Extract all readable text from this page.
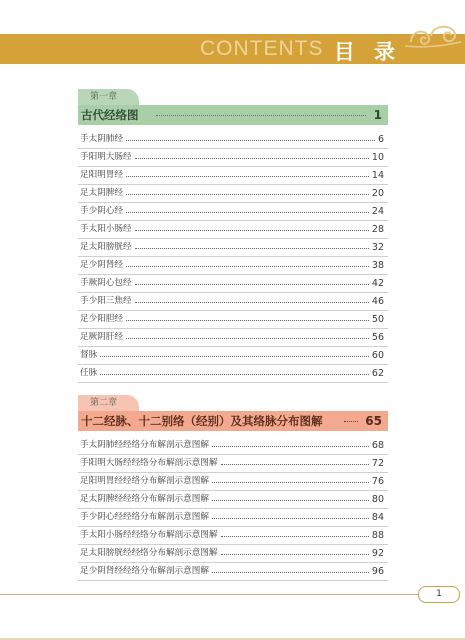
CONTENTS 目 录
第一章
古代经络图	1
手太阴肺经	6
手阳明大肠经	10
足阳明胃经	14
足太阴脾经	20
手少阴心经	24
手太阳小肠经	28
足太阳膀胱经	32
足少阴肾经	38
手厥阴心包经	42
手少阳三焦经	46
足少阳胆经	50
足厥阴肝经	56
督脉	60
任脉	62
第二章
十二经脉、十二别络（经别）及其络脉分布图解	65
手太阴肺经经络分布解剖示意图解	68
手阳明大肠经经络分布解剖示意图解	72
足阳明胃经经络分布解剖示意图解	76
足太阴脾经经络分布解剖示意图解	80
手少阴心经经络分布解剖示意图解	84
手太阳小肠经经络分布解剖示意图解	88
足太阳膀胱经经络分布解剖示意图解	92
足少阴肾经经络分布解剖示意图解	96
1
